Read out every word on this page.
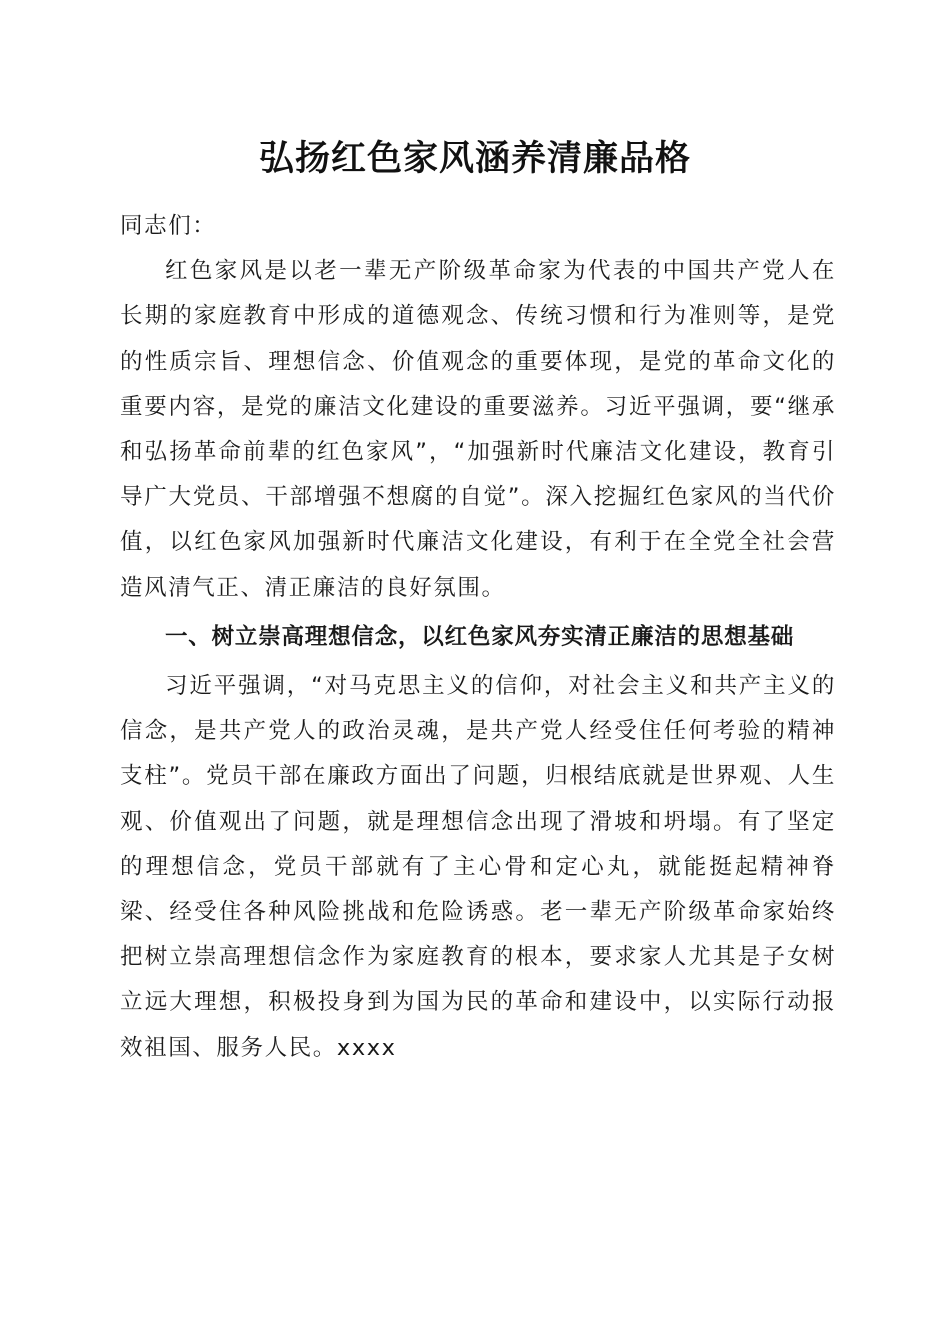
弘扬红色家风涵养清廉品格

同志们：

红色家风是以老一辈无产阶级革命家为代表的中国共产党人在长期的家庭教育中形成的道德观念、传统习惯和行为准则等，是党的性质宗旨、理想信念、价值观念的重要体现，是党的革命文化的重要内容，是党的廉洁文化建设的重要滋养。习近平强调，要“继承和弘扬革命前辈的红色家风”，“加强新时代廉洁文化建设，教育引导广大党员、干部增强不想腐的自觉”。深入挖掘红色家风的当代价值，以红色家风加强新时代廉洁文化建设，有利于在全党全社会营造风清气正、清正廉洁的良好氛围。

一、树立崇高理想信念，以红色家风夯实清正廉洁的思想基础

习近平强调，“对马克思主义的信仰，对社会主义和共产主义的信念，是共产党人的政治灵魂，是共产党人经受住任何考验的精神支柱”。党员干部在廉政方面出了问题，归根结底就是世界观、人生观、价值观出了问题，就是理想信念出现了滑坡和坍塌。有了坚定的理想信念，党员干部就有了主心骨和定心丸，就能挺起精神脊梁、经受住各种风险挑战和危险诱惑。老一辈无产阶级革命家始终把树立崇高理想信念作为家庭教育的根本，要求家人尤其是子女树立远大理想，积极投身到为国为民的革命和建设中，以实际行动报效祖国、服务人民。xxxx
